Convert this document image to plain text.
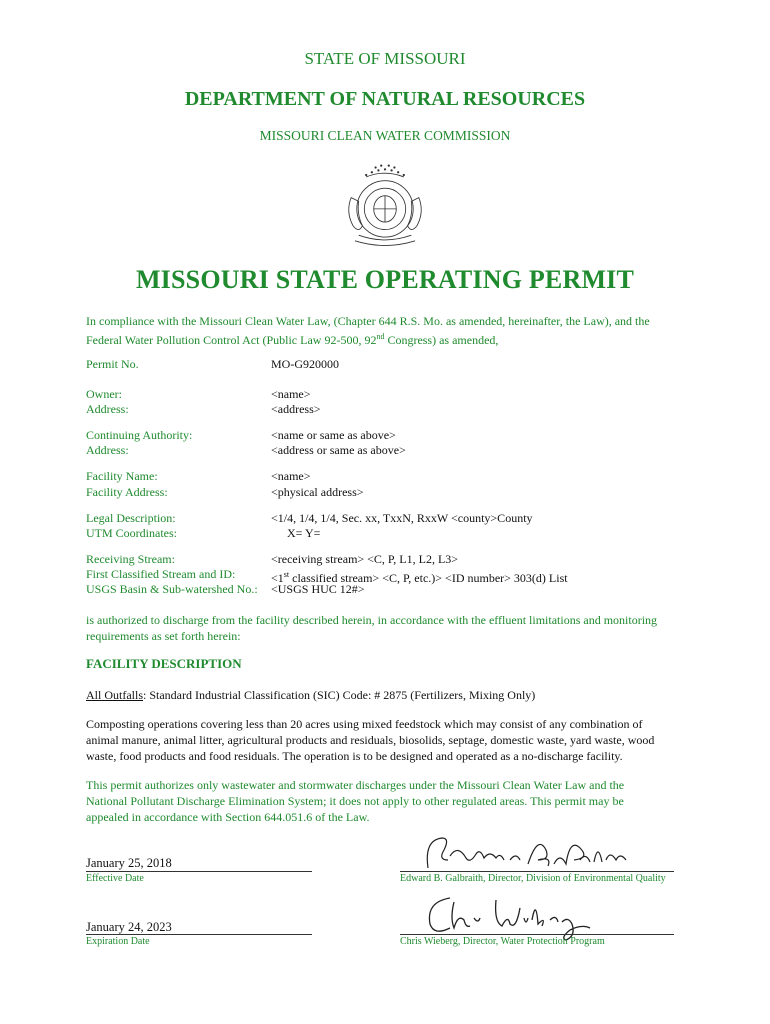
STATE OF MISSOURI
DEPARTMENT OF NATURAL RESOURCES
MISSOURI CLEAN WATER COMMISSION
MISSOURI STATE OPERATING PERMIT
In compliance with the Missouri Clean Water Law, (Chapter 644 R.S. Mo. as amended, hereinafter, the Law), and the
Federal Water Pollution Control Act (Public Law 92-500, 92nd Congress) as amended,
Permit No.	MO-G920000
Owner:	<name>
Address:	<address>
Continuing Authority:	<name or same as above>
Address:	<address or same as above>
Facility Name:	<name>
Facility Address:	<physical address>
Legal Description:	<1/4, 1/4, 1/4, Sec. xx, TxxN, RxxW <county>County
UTM Coordinates:	X= Y=
Receiving Stream:	<receiving stream> <C, P, L1, L2, L3>
First Classified Stream and ID:	<1st classified stream> <C, P, etc.)> <ID number> 303(d) List
USGS Basin & Sub-watershed No.: <USGS HUC 12#>
is authorized to discharge from the facility described herein, in accordance with the effluent limitations and monitoring
requirements as set forth herein:
FACILITY DESCRIPTION
All Outfalls: Standard Industrial Classification (SIC) Code: # 2875 (Fertilizers, Mixing Only)
Composting operations covering less than 20 acres using mixed feedstock which may consist of any combination of
animal manure, animal litter, agricultural products and residuals, biosolids, septage, domestic waste, yard waste, wood
waste, food products and food residuals. The operation is to be designed and operated as a no-discharge facility.
This permit authorizes only wastewater and stormwater discharges under the Missouri Clean Water Law and the
National Pollutant Discharge Elimination System; it does not apply to other regulated areas. This permit may be
appealed in accordance with Section 644.051.6 of the Law.
January 25, 2018
Effective Date	Edward B. Galbraith, Director, Division of Environmental Quality
January 24, 2023
Expiration Date	Chris Wieberg, Director, Water Protection Program
